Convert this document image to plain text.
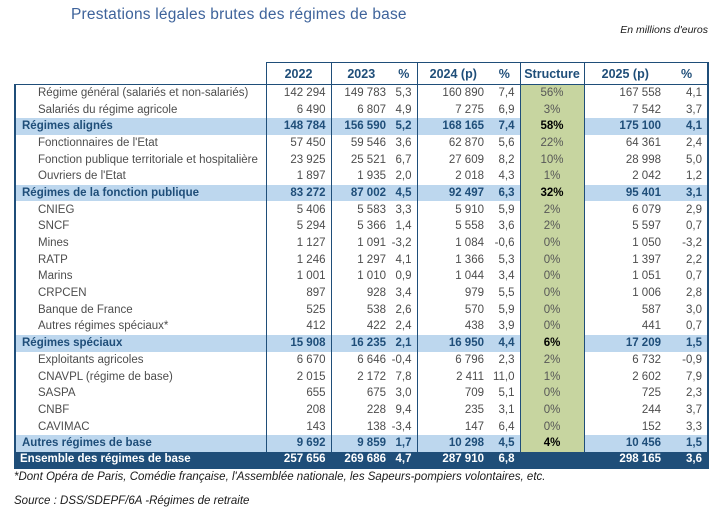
Prestations légales brutes des régimes de base
En millions d'euros
	2022	2023	%	2024 (p)	%	Structure	2025 (p)	%
Régime général (salariés et non-salariés)	142 294	149 783	5,3	160 890	7,4	56%	167 558	4,1
Salariés du régime agricole	6 490	6 807	4,9	7 275	6,9	3%	7 542	3,7
Régimes alignés	148 784	156 590	5,2	168 165	7,4	58%	175 100	4,1
Fonctionnaires de l'Etat	57 450	59 546	3,6	62 870	5,6	22%	64 361	2,4
Fonction publique territoriale et hospitalière	23 925	25 521	6,7	27 609	8,2	10%	28 998	5,0
Ouvriers de l'Etat	1 897	1 935	2,0	2 018	4,3	1%	2 042	1,2
Régimes de la fonction publique	83 272	87 002	4,5	92 497	6,3	32%	95 401	3,1
CNIEG	5 406	5 583	3,3	5 910	5,9	2%	6 079	2,9
SNCF	5 294	5 366	1,4	5 558	3,6	2%	5 597	0,7
Mines	1 127	1 091	-3,2	1 084	-0,6	0%	1 050	-3,2
RATP	1 246	1 297	4,1	1 366	5,3	0%	1 397	2,2
Marins	1 001	1 010	0,9	1 044	3,4	0%	1 051	0,7
CRPCEN	897	928	3,4	979	5,5	0%	1 006	2,8
Banque de France	525	538	2,6	570	5,9	0%	587	3,0
Autres régimes spéciaux*	412	422	2,4	438	3,9	0%	441	0,7
Régimes spéciaux	15 908	16 235	2,1	16 950	4,4	6%	17 209	1,5
Exploitants agricoles	6 670	6 646	-0,4	6 796	2,3	2%	6 732	-0,9
CNAVPL (régime de base)	2 015	2 172	7,8	2 411	11,0	1%	2 602	7,9
SASPA	655	675	3,0	709	5,1	0%	725	2,3
CNBF	208	228	9,4	235	3,1	0%	244	3,7
CAVIMAC	143	138	-3,4	147	6,4	0%	152	3,3
Autres régimes de base	9 692	9 859	1,7	10 298	4,5	4%	10 456	1,5
Ensemble des régimes de base	257 656	269 686	4,7	287 910	6,8		298 165	3,6
*Dont Opéra de Paris, Comédie française, l'Assemblée nationale, les Sapeurs-pompiers volontaires, etc.
Source : DSS/SDEPF/6A -Régimes de retraite
